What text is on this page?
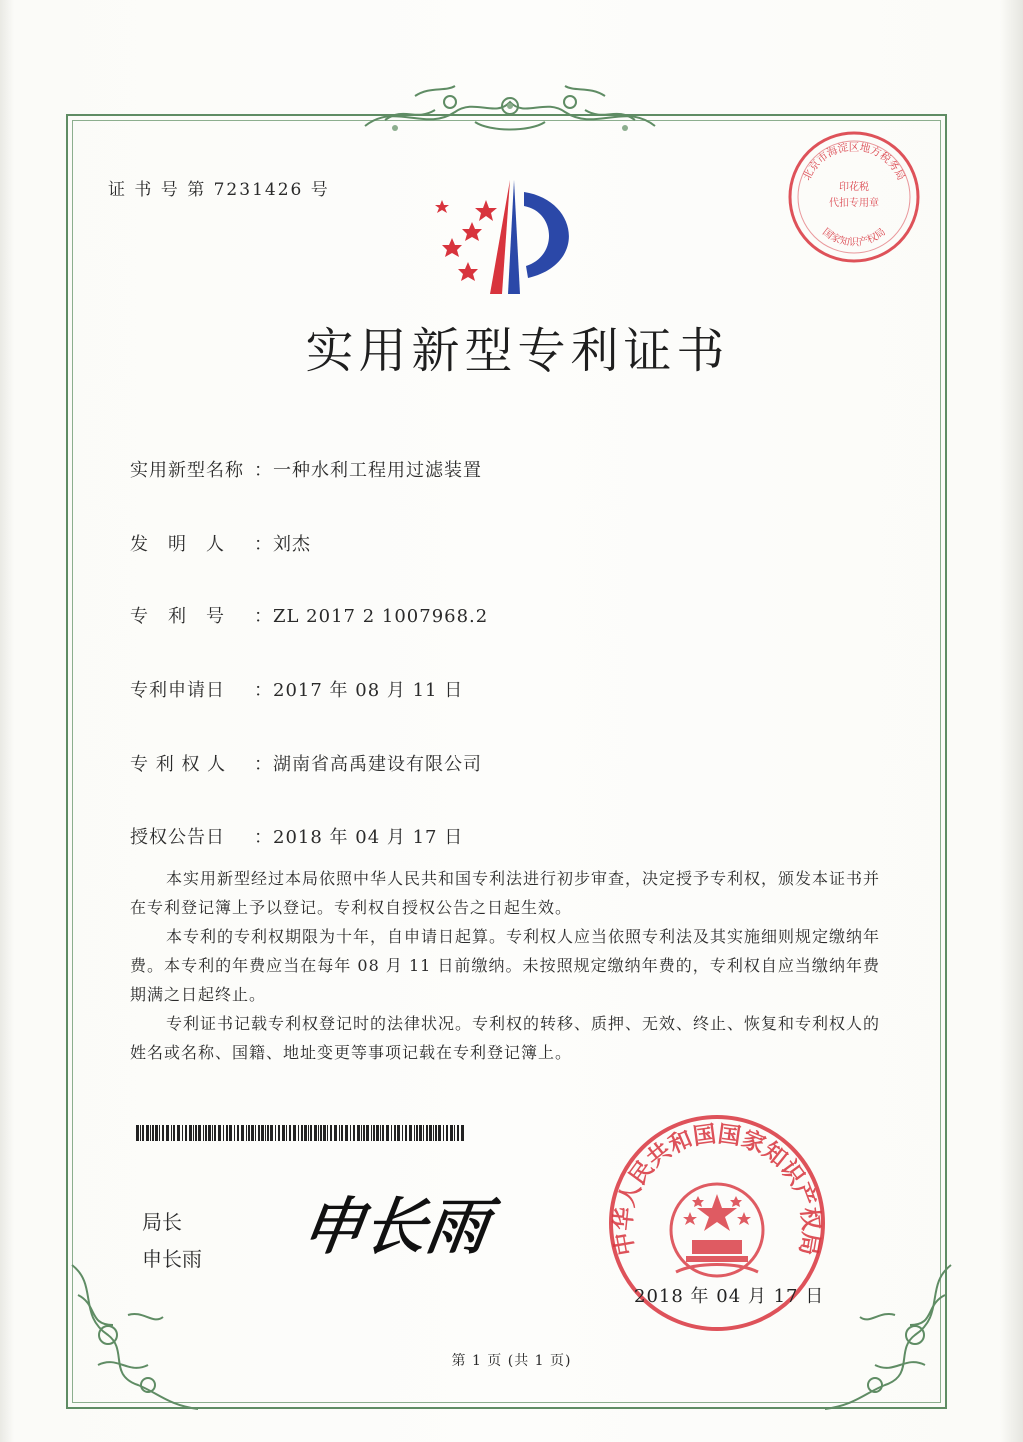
证 书 号 第 7231426 号
北京市海淀区地方税务局
印花税
代扣专用章
国家知识产权局
实用新型专利证书
实用新型名称 ：一种水利工程用过滤装置
发　明　人 ：刘杰
专　利　号 ：ZL 2017 2 1007968.2
专利申请日 ：2017 年 08 月 11 日
专 利 权 人 ：湖南省高禹建设有限公司
授权公告日 ：2018 年 04 月 17 日

本实用新型经过本局依照中华人民共和国专利法进行初步审查，决定授予专利权，颁发本证书并在专利登记簿上予以登记。专利权自授权公告之日起生效。

本专利的专利权期限为十年，自申请日起算。专利权人应当依照专利法及其实施细则规定缴纳年费。本专利的年费应当在每年 08 月 11 日前缴纳。未按照规定缴纳年费的，专利权自应当缴纳年费期满之日起终止。

专利证书记载专利权登记时的法律状况。专利权的转移、质押、无效、终止、恢复和专利权人的姓名或名称、国籍、地址变更等事项记载在专利登记簿上。

局长
申长雨 申长雨	中华人民共和国国家知识产权局
2018 年 04 月 17 日
第 1 页 (共 1 页)
